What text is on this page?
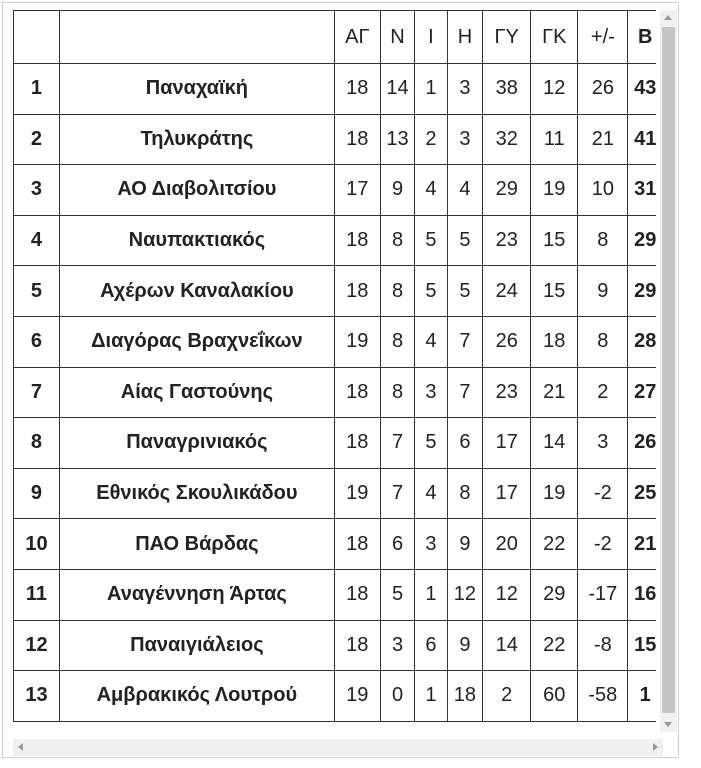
		ΑΓ	Ν	Ι	Η	ΓΥ	ΓΚ	+/-	Β
1	Παναχαϊκή	18	14	1	3	38	12	26	43
2	Τηλυκράτης	18	13	2	3	32	11	21	41
3	ΑΟ Διαβολιτσίου	17	9	4	4	29	19	10	31
4	Ναυπακτιακός	18	8	5	5	23	15	8	29
5	Αχέρων Καναλακίου	18	8	5	5	24	15	9	29
6	Διαγόρας Βραχνεΐκων	19	8	4	7	26	18	8	28
7	Αίας Γαστούνης	18	8	3	7	23	21	2	27
8	Παναγρινιακός	18	7	5	6	17	14	3	26
9	Εθνικός Σκουλικάδου	19	7	4	8	17	19	-2	25
10	ΠΑΟ Βάρδας	18	6	3	9	20	22	-2	21
11	Αναγέννηση Άρτας	18	5	1	12	12	29	-17	16
12	Παναιγιάλειος	18	3	6	9	14	22	-8	15
13	Αμβρακικός Λουτρού	19	0	1	18	2	60	-58	1
